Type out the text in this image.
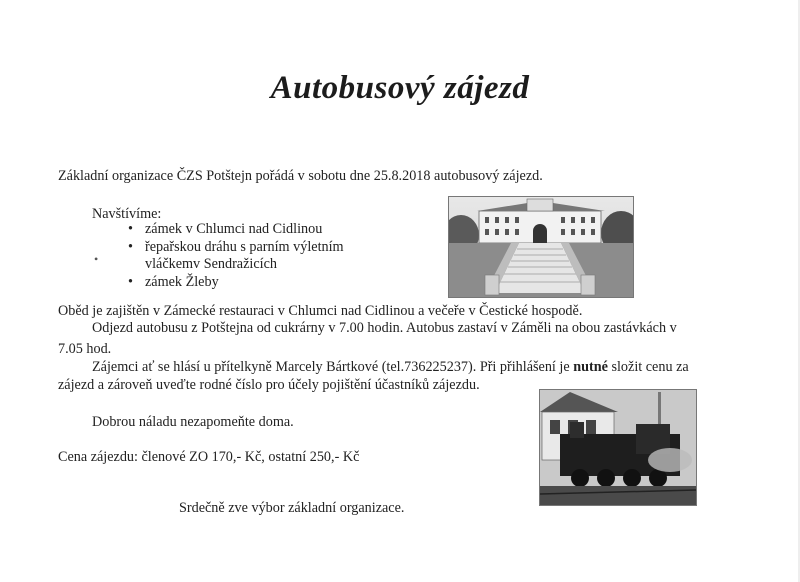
Autobusový zájezd
Základní organizace ČZS Potštejn pořádá v sobotu dne 25.8.2018 autobusový zájezd.
Navštívíme:
•
• zámek v Chlumci nad Cidlinou
• řepařskou dráhu s parním výletním
vláčkemv Sendražicích
• zámek Žleby
Oběd je zajištěn v Zámecké restauraci v Chlumci nad Cidlinou a večeře v Čestické hospodě.
Odjezd autobusu z Potštejna od cukrárny v 7.00 hodin. Autobus zastaví v Záměli na obou zastávkách v
7.05 hod.
Zájemci ať se hlásí u přítelkyně Marcely Bártkové (tel.736225237). Při přihlášení je nutné složit cenu za
zájezd a zároveň uveďte rodné číslo pro účely pojištění účastníků zájezdu.
Dobrou náladu nezapomeňte doma.
Cena zájezdu: členové ZO 170,- Kč, ostatní 250,- Kč
Srdečně zve výbor základní organizace.
